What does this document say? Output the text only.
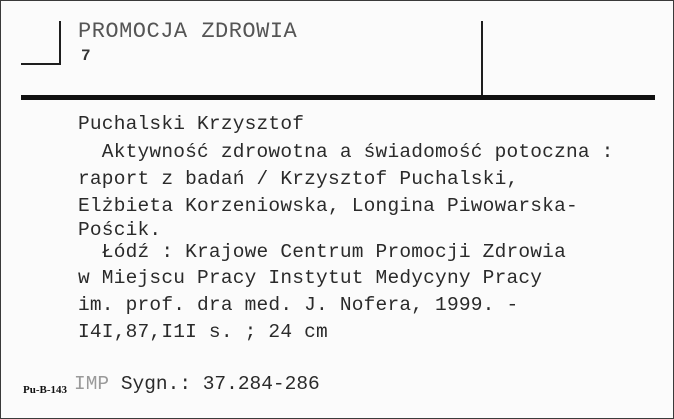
PROMOCJA ZDROWIA
7
Puchalski Krzysztof
Aktywność zdrowotna a świadomość potoczna :
raport z badań / Krzysztof Puchalski,
Elżbieta Korzeniowska, Longina Piwowarska-
Pościk.
Łódź : Krajowe Centrum Promocji Zdrowia
w Miejscu Pracy Instytut Medycyny Pracy
im. prof. dra med. J. Nofera, 1999. -
I4I,87,I1I s. ; 24 cm
Pu-B-143 IMP Sygn.: 37.284-286
